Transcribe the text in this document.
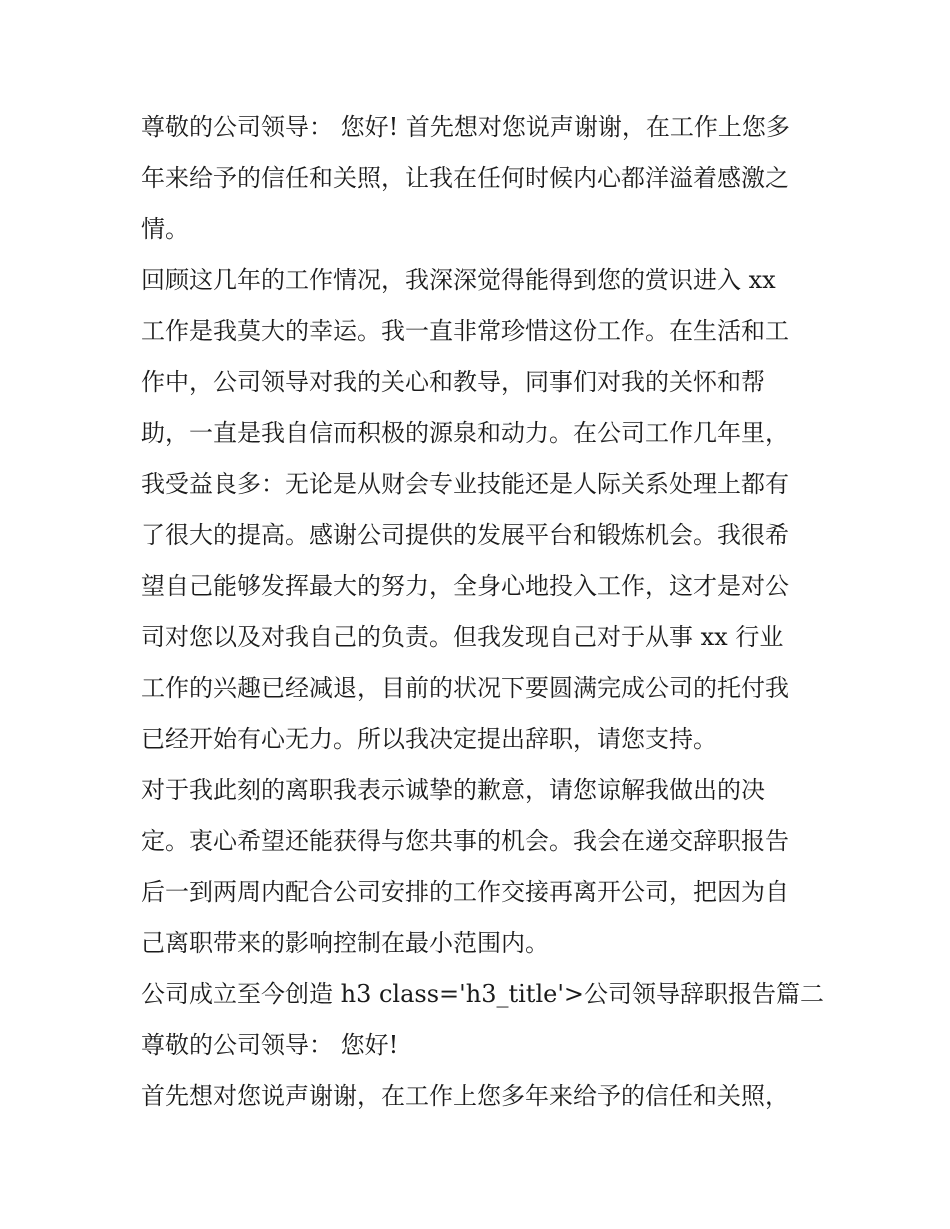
尊敬的公司领导： 您好! 首先想对您说声谢谢，在工作上您多
年来给予的信任和关照，让我在任何时候内心都洋溢着感激之
情。
回顾这几年的工作情况，我深深觉得能得到您的赏识进入 xx
工作是我莫大的幸运。我一直非常珍惜这份工作。在生活和工
作中，公司领导对我的关心和教导，同事们对我的关怀和帮
助，一直是我自信而积极的源泉和动力。在公司工作几年里，
我受益良多：无论是从财会专业技能还是人际关系处理上都有
了很大的提高。感谢公司提供的发展平台和锻炼机会。我很希
望自己能够发挥最大的努力，全身心地投入工作，这才是对公
司对您以及对我自己的负责。但我发现自己对于从事 xx 行业
工作的兴趣已经减退，目前的状况下要圆满完成公司的托付我
已经开始有心无力。所以我决定提出辞职，请您支持。
对于我此刻的离职我表示诚挚的歉意，请您谅解我做出的决
定。衷心希望还能获得与您共事的机会。我会在递交辞职报告
后一到两周内配合公司安排的工作交接再离开公司，把因为自
己离职带来的影响控制在最小范围内。
公司成立至今创造 h3 class='h3_title'>公司领导辞职报告篇二
尊敬的公司领导： 您好!
首先想对您说声谢谢，在工作上您多年来给予的信任和关照，
